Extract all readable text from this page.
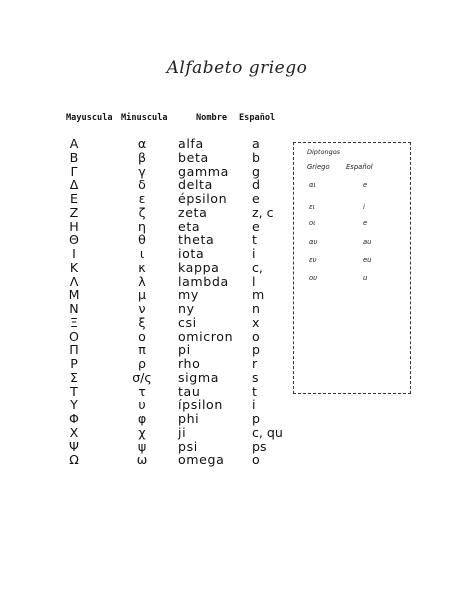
Alfabeto griego
Mayuscula Minuscula	Nombre Español
Α	α	alfa	a
Β	β	beta	b
Γ	γ	gamma g
Δ	δ	delta	d
Ε	ε	épsilon e
Ζ	ζ	zeta	z, c
Η	η	eta	e
Θ	θ	theta	t
Ι	ι	iota	i
Κ	κ	kappa	c,
Λ	λ	lambda l
Μ	μ	my	m
Ν	ν	ny	n
Ξ	ξ	csi	x
Ο	ο	omicron o
Π	π	pi	p
Ρ	ρ	rho	r
Σ	σ/ς	sigma	s
Τ	τ	tau	t
Υ	υ	ípsilon i
Φ	φ	phi	p
Χ	χ	ji	c, qu
Ψ	ψ	psi	ps
Ω	ω	omega o
Diptongos
Griego Español
αι	e
ει	i
οι	e
αυ	au
ευ	eu
ου	u
